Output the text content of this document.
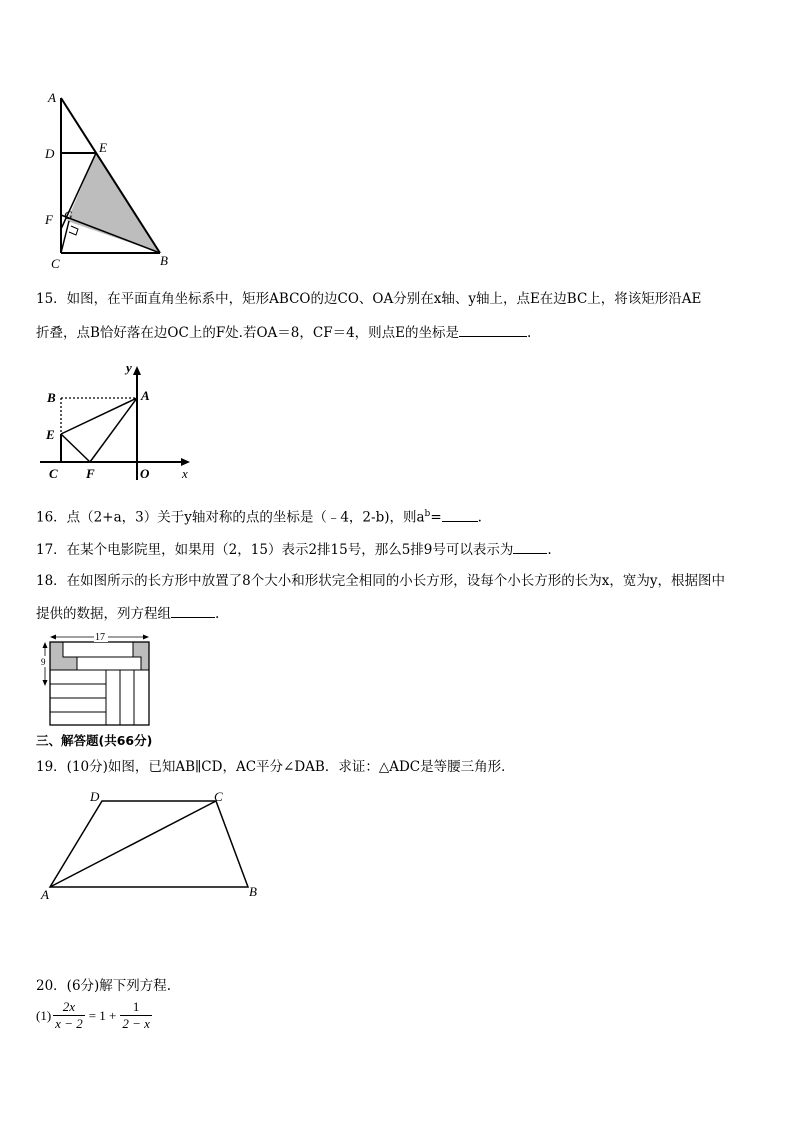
A
D	E
F G
C	B
15．如图，在平面直角坐标系中，矩形ABCO的边CO、OA分别在x轴、y轴上，点E在边BC上，将该矩形沿AE
折叠，点B恰好落在边OC上的F处.若OA＝8，CF＝4，则点E的坐标是	.
y
B	A
E
C F	O	x
16．点（2+a，3）关于y轴对称的点的坐标是（﹣4，2-b)，则$a^b=$	.
17．在某个电影院里，如果用（2，15）表示2排15号，那么5排9号可以表示为	.
18．在如图所示的长方形中放置了8个大小和形状完全相同的小长方形，设每个小长方形的长为x，宽为y，根据图中
提供的数据，列方程组	.
17
9
三、解答题(共66分)
19．(10分)如图，已知AB∥CD，AC平分∠DAB．求证：△ADC是等腰三角形．
D	C
A	B
20．(6分)解下列方程.
$(1) \frac{2x}{x - 2} = 1 + \frac{1}{2 - x}$
